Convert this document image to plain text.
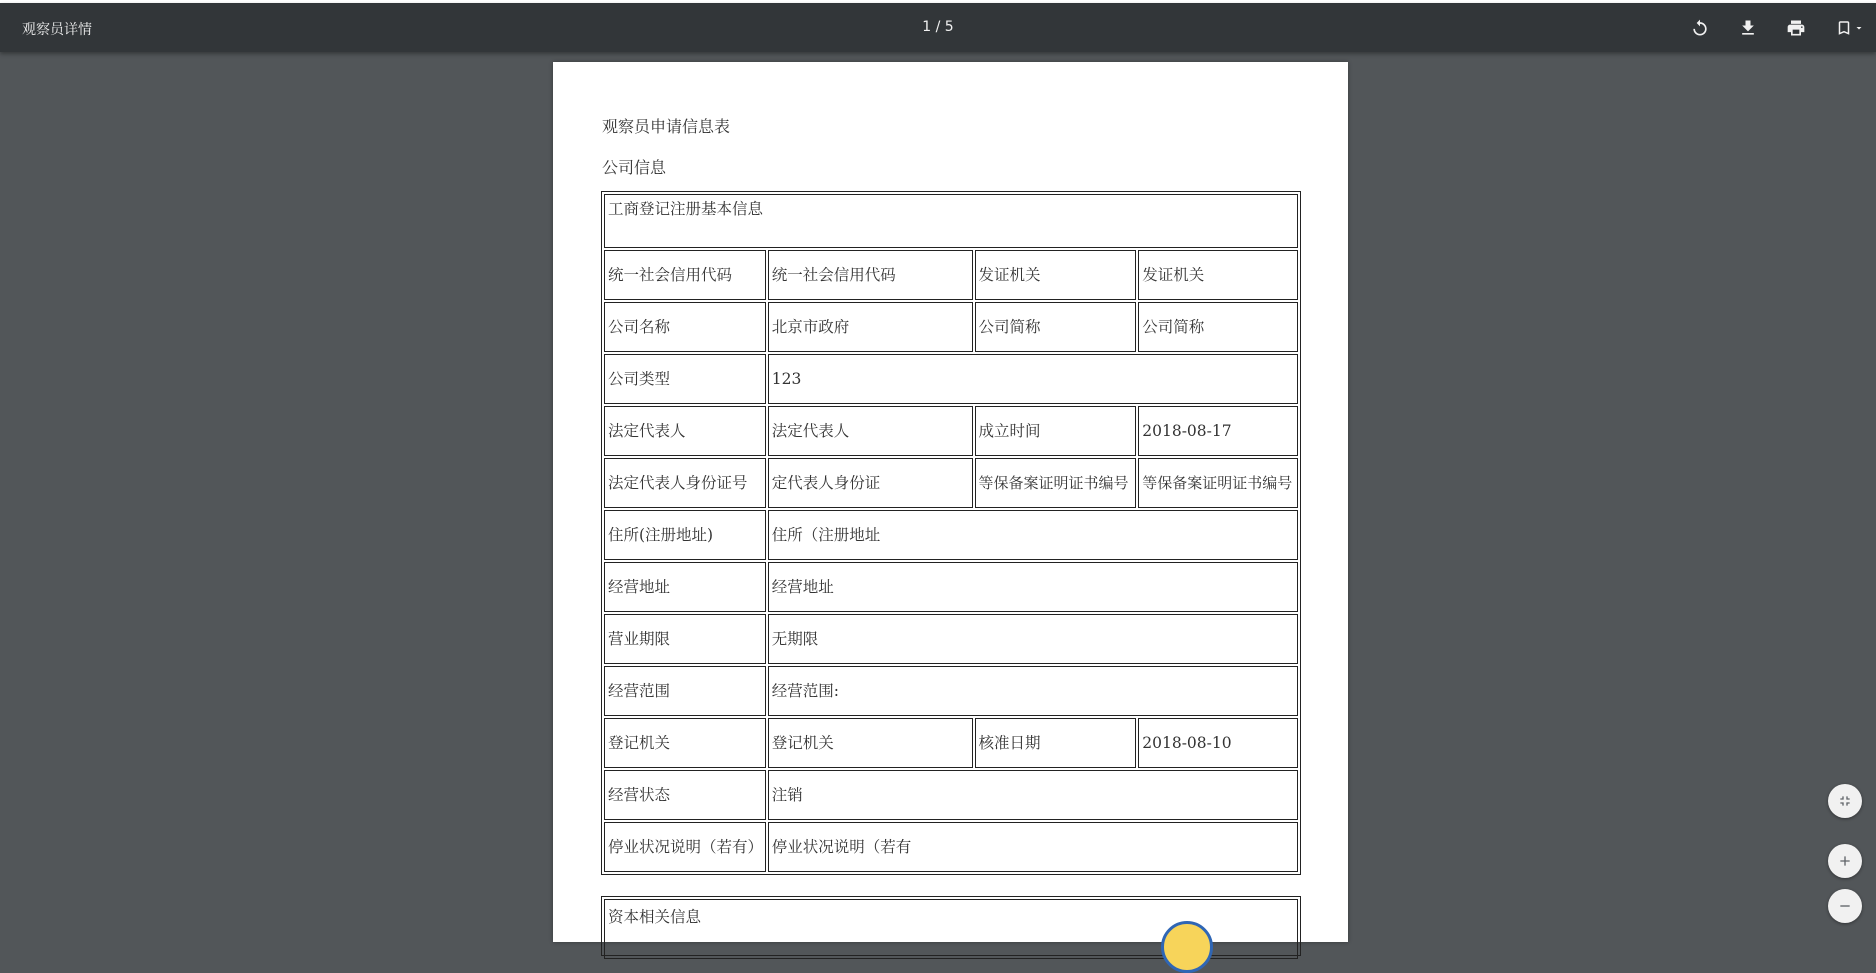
观察员详情	1 / 5
观察员申请信息表
公司信息
工商登记注册基本信息			
统一社会信用代码	统一社会信用代码	发证机关	发证机关
公司名称	北京市政府	公司简称	公司简称
公司类型	123		
法定代表人	法定代表人	成立时间	2018-08-17
法定代表人身份证号	定代表人身份证	等保备案证明证书编号	等保备案证明证书编号
住所(注册地址)	住所（注册地址		
经营地址	经营地址		
营业期限	无期限		
经营范围	经营范围:		
登记机关	登记机关	核准日期	2018-08-10
经营状态	注销		
停业状况说明（若有）	停业状况说明（若有		
资本相关信息
